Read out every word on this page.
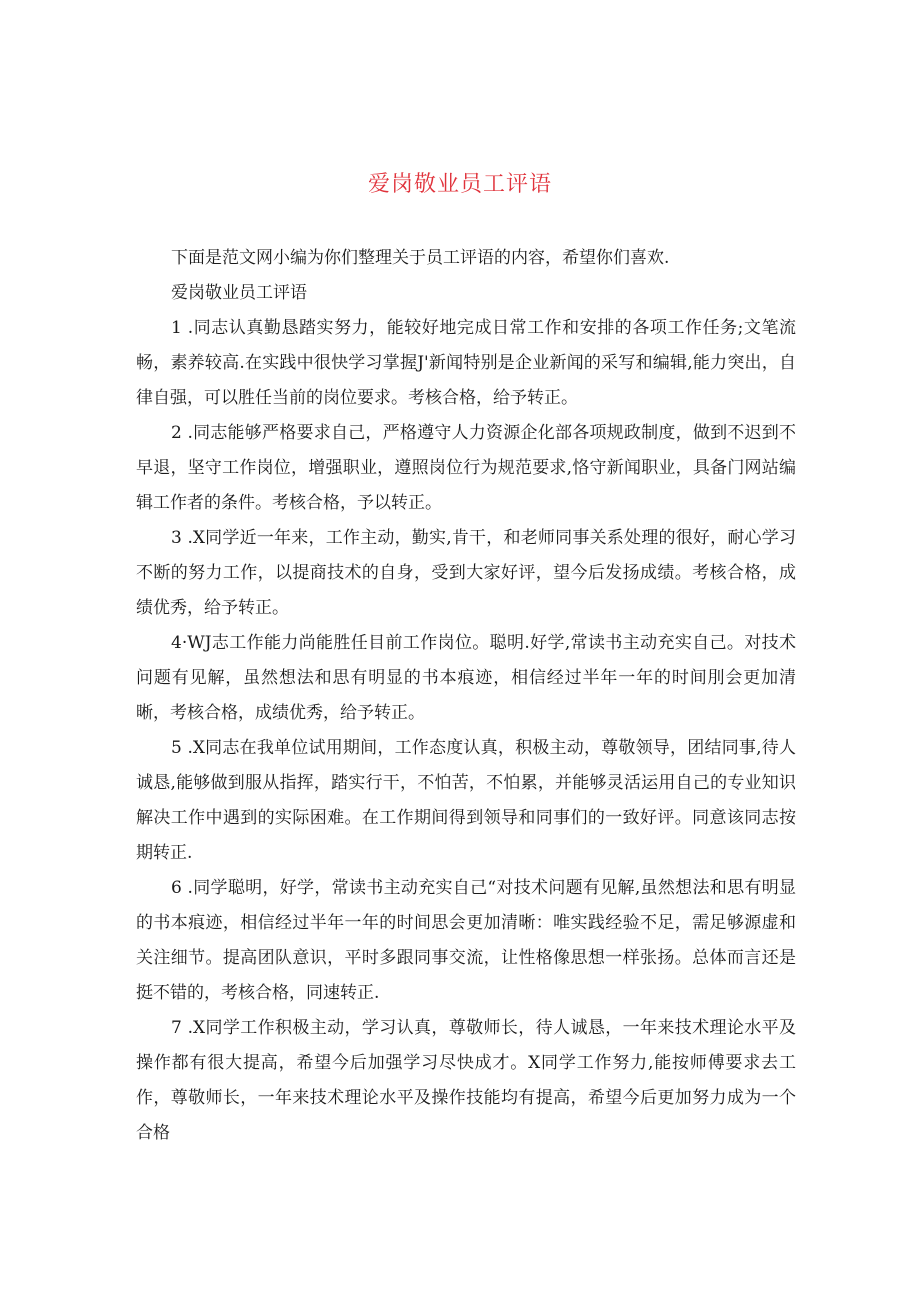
爱岗敬业员工评语

下面是范文网小编为你们整理关于员工评语的内容，希望你们喜欢.

爱岗敬业员工评语

1 .同志认真勤恳踏实努力，能较好地完成日常工作和安排的各项工作任务;文笔流畅，素养较高.在实践中很快学习掌握J'新闻特别是企业新闻的采写和编辑,能力突出，自律自强，可以胜任当前的岗位要求。考核合格，给予转正。

2 .同志能够严格要求自己，严格遵守人力资源企化部各项规政制度，做到不迟到不早退，坚守工作岗位，增强职业，遵照岗位行为规范要求,恪守新闻职业，具备门网站编辑工作者的条件。考核合格，予以转正。

3 .X同学近一年来，工作主动，勤实,肯干，和老师同事关系处理的很好，耐心学习不断的努力工作，以提商技术的自身，受到大家好评，望今后发扬成绩。考核合格，成绩优秀，给予转正。

4·WJ志工作能力尚能胜任目前工作岗位。聪明.好学,常读书主动充实自己。对技术问题有见解，虽然想法和思有明显的书本痕迹，相信经过半年一年的时间刖会更加清晰，考核合格，成绩优秀，给予转正。

5 .X同志在我单位试用期间，工作态度认真，积极主动，尊敬领导，团结同事,待人诚恳,能够做到服从指挥，踏实行干，不怕苦，不怕累，并能够灵活运用自己的专业知识解决工作中遇到的实际困难。在工作期间得到领导和同事们的一致好评。同意该同志按期转正.

6 .同学聪明，好学，常读书主动充实自己“对技术问题有见解,虽然想法和思有明显的书本痕迹，相信经过半年一年的时间思会更加清晰：唯实践经验不足，需足够源虚和关注细节。提高团队意识，平时多跟同事交流，让性格像思想一样张扬。总体而言还是挺不错的，考核合格，同速转正.

7 .X同学工作积极主动，学习认真，尊敬师长，待人诚恳，一年来技术理论水平及操作都有很大提高，希望今后加强学习尽快成才。X同学工作努力,能按师傅要求去工作，尊敬师长，一年来技术理论水平及操作技能均有提高，希望今后更加努力成为一个合格
